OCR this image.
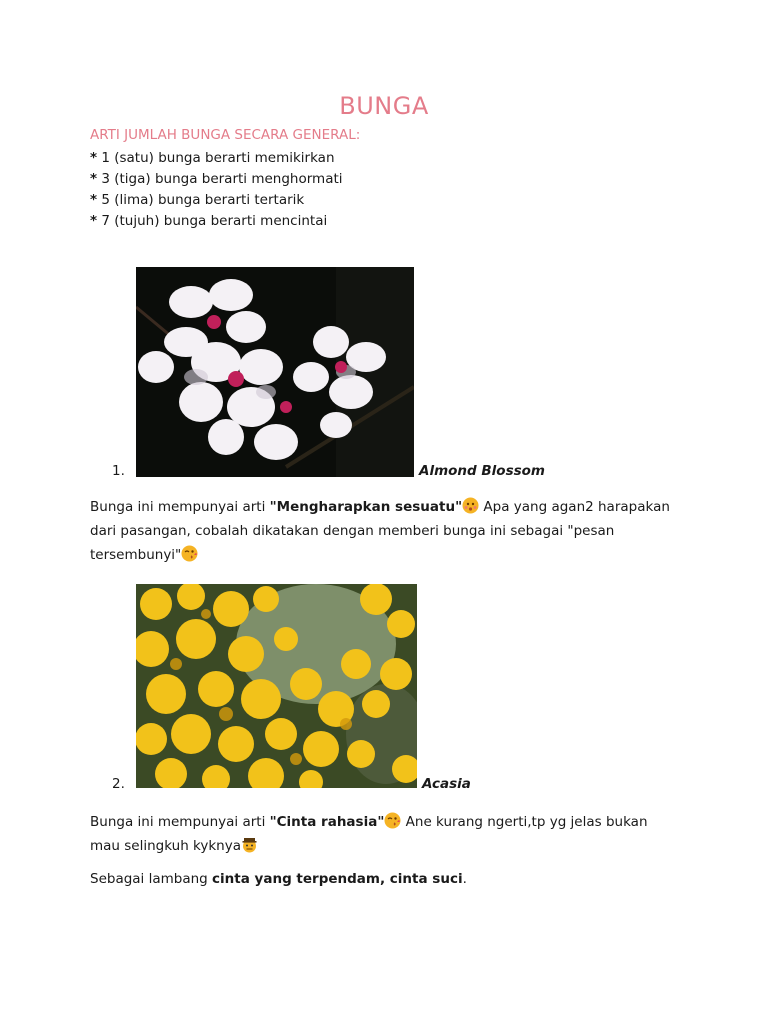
BUNGA
ARTI JUMLAH BUNGA SECARA GENERAL:
* 1 (satu) bunga berarti memikirkan
* 3 (tiga) bunga berarti menghormati
* 5 (lima) bunga berarti tertarik
* 7 (tujuh) bunga berarti mencintai
1.	Almond Blossom
Bunga ini mempunyai arti "Mengharapkan sesuatu" Apa yang agan2 harapakan dari pasangan, cobalah dikatakan dengan memberi bunga ini sebagai "pesan tersembunyi"
2.	Acasia
Bunga ini mempunyai arti "Cinta rahasia" Ane kurang ngerti,tp yg jelas bukan mau selingkuh kyknya
Sebagai lambang cinta yang terpendam, cinta suci.
